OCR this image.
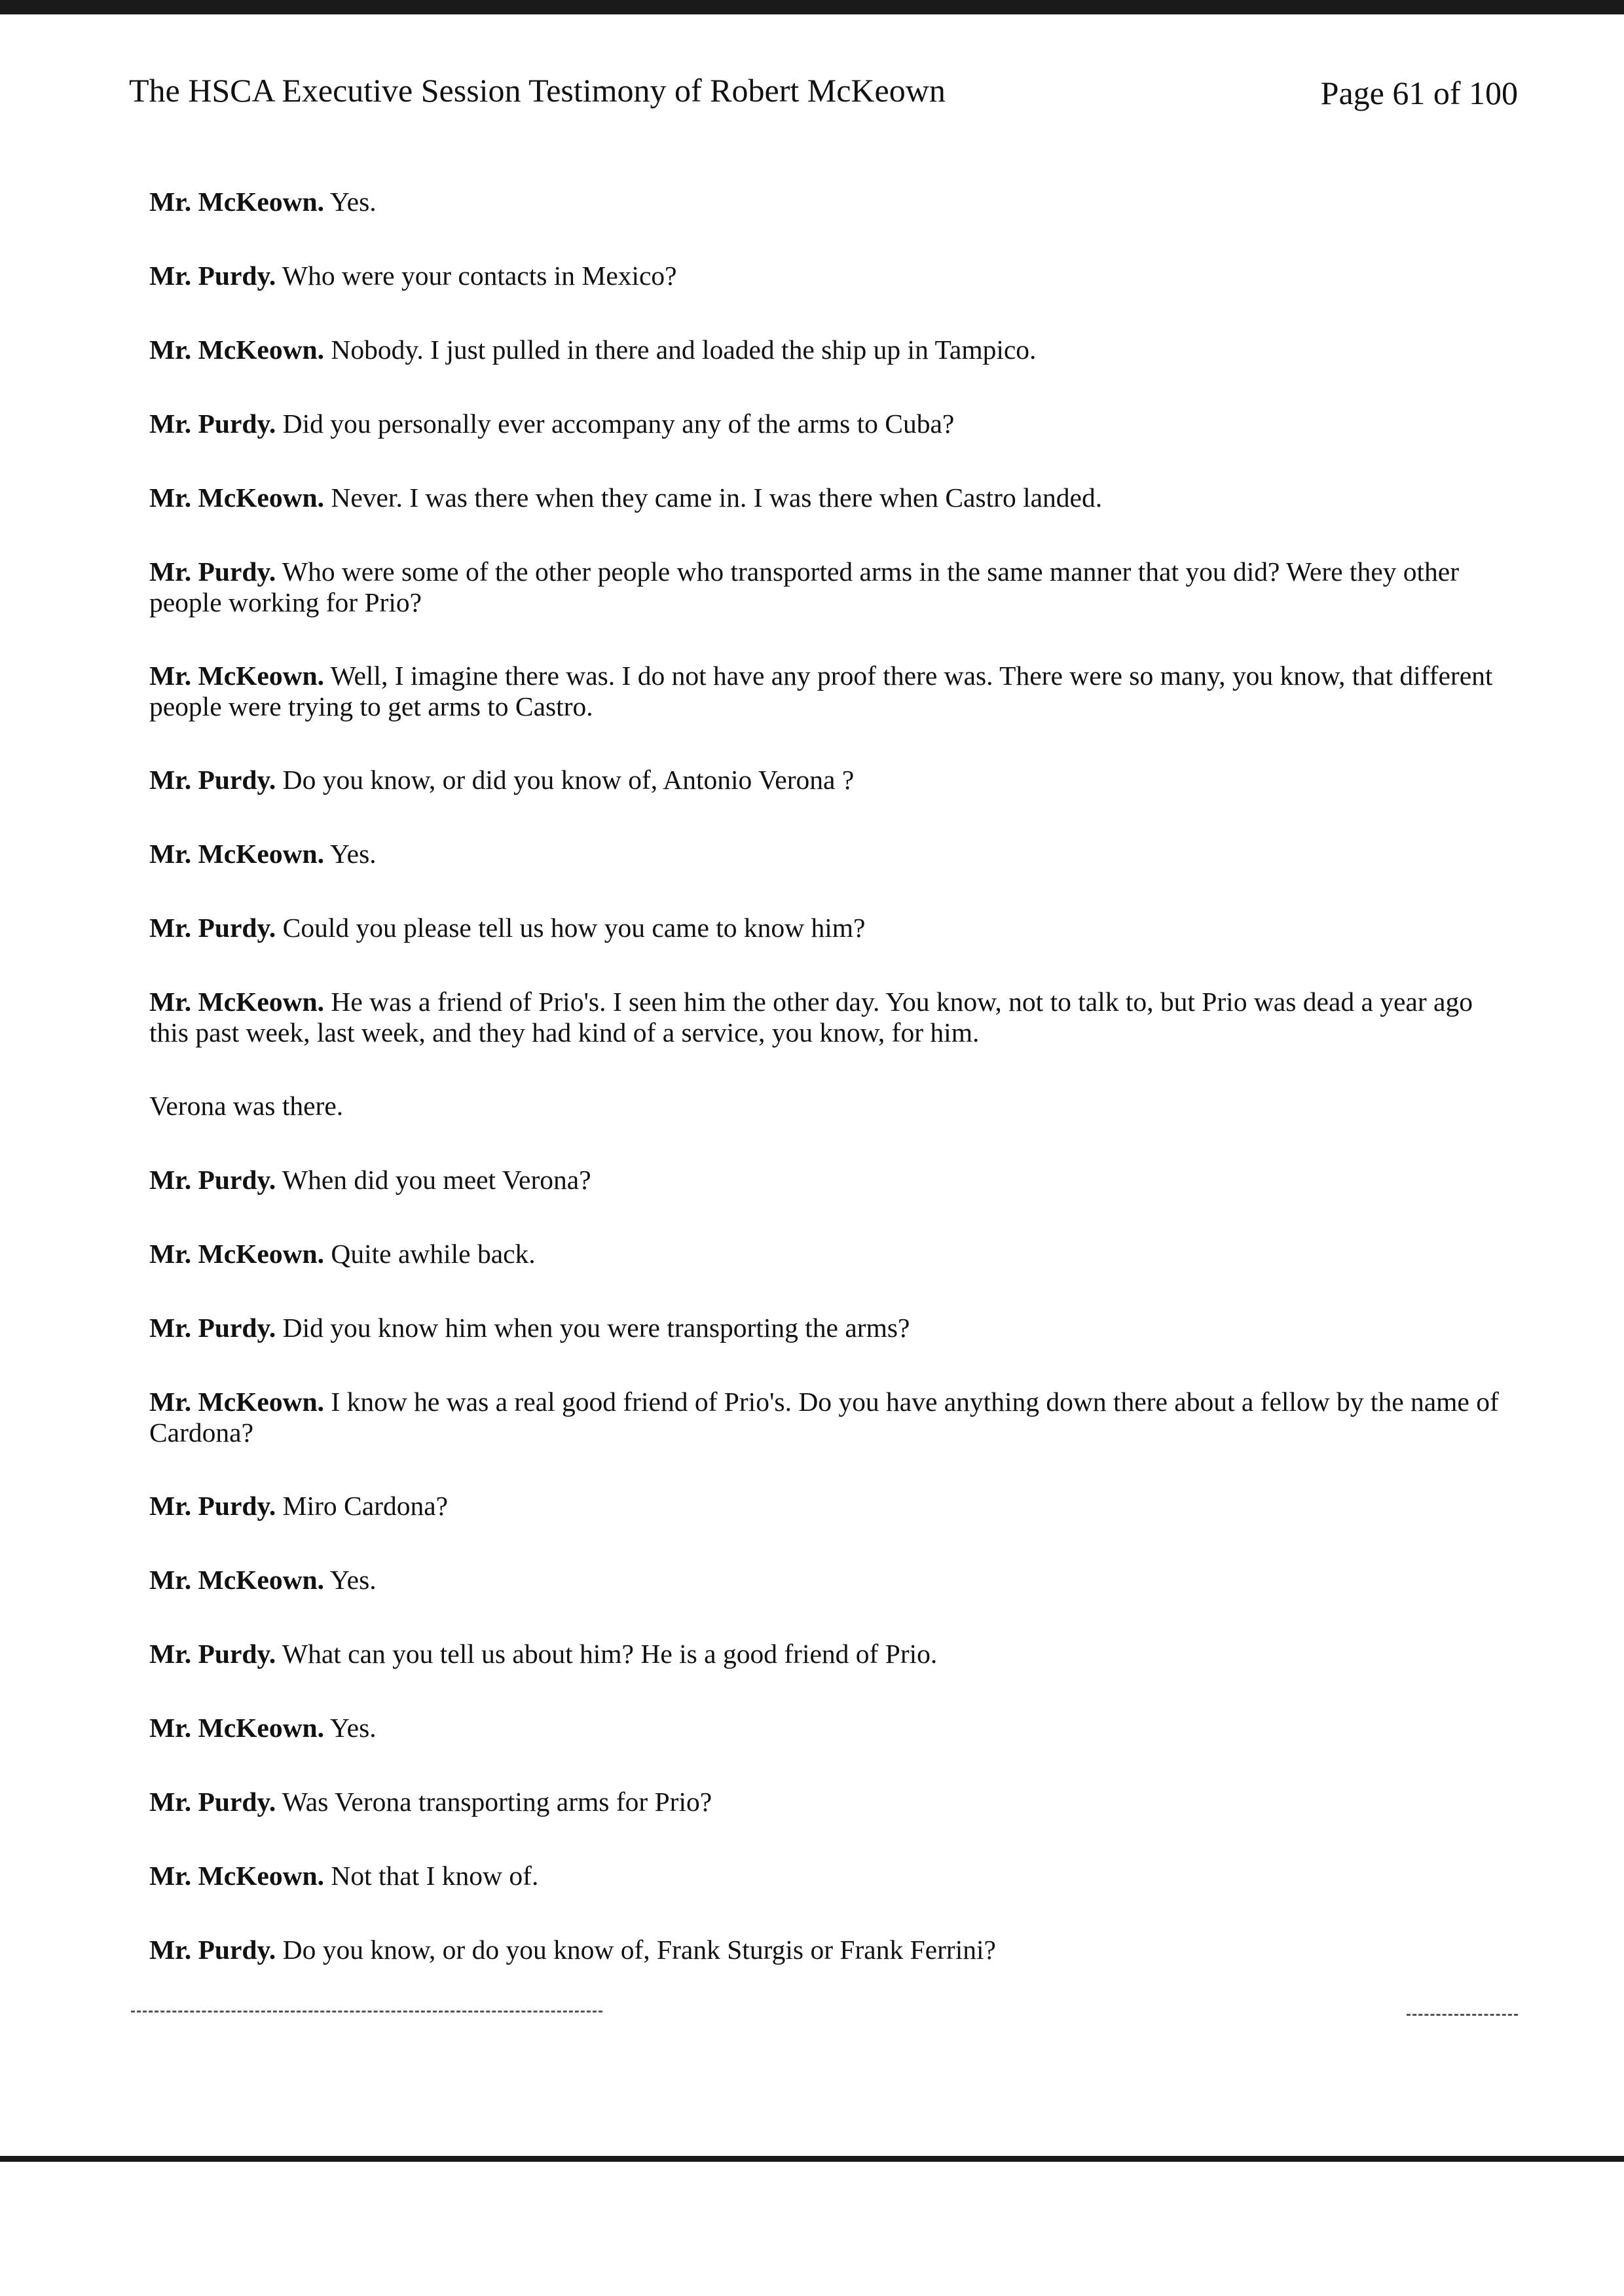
The HSCA Executive Session Testimony of Robert McKeown	Page 61 of 100

Mr. McKeown. Yes.

Mr. Purdy. Who were your contacts in Mexico?

Mr. McKeown. Nobody. I just pulled in there and loaded the ship up in Tampico.

Mr. Purdy. Did you personally ever accompany any of the arms to Cuba?

Mr. McKeown. Never. I was there when they came in. I was there when Castro landed.

Mr. Purdy. Who were some of the other people who transported arms in the same manner that you did? Were they other people working for Prio?

Mr. McKeown. Well, I imagine there was. I do not have any proof there was. There were so many, you know, that different people were trying to get arms to Castro.

Mr. Purdy. Do you know, or did you know of, Antonio Verona ?

Mr. McKeown. Yes.

Mr. Purdy. Could you please tell us how you came to know him?

Mr. McKeown. He was a friend of Prio's. I seen him the other day. You know, not to talk to, but Prio was dead a year ago this past week, last week, and they had kind of a service, you know, for him.

Verona was there.

Mr. Purdy. When did you meet Verona?

Mr. McKeown. Quite awhile back.

Mr. Purdy. Did you know him when you were transporting the arms?

Mr. McKeown. I know he was a real good friend of Prio's. Do you have anything down there about a fellow by the name of Cardona?

Mr. Purdy. Miro Cardona?

Mr. McKeown. Yes.

Mr. Purdy. What can you tell us about him? He is a good friend of Prio.

Mr. McKeown. Yes.

Mr. Purdy. Was Verona transporting arms for Prio?

Mr. McKeown. Not that I know of.

Mr. Purdy. Do you know, or do you know of, Frank Sturgis or Frank Ferrini?
